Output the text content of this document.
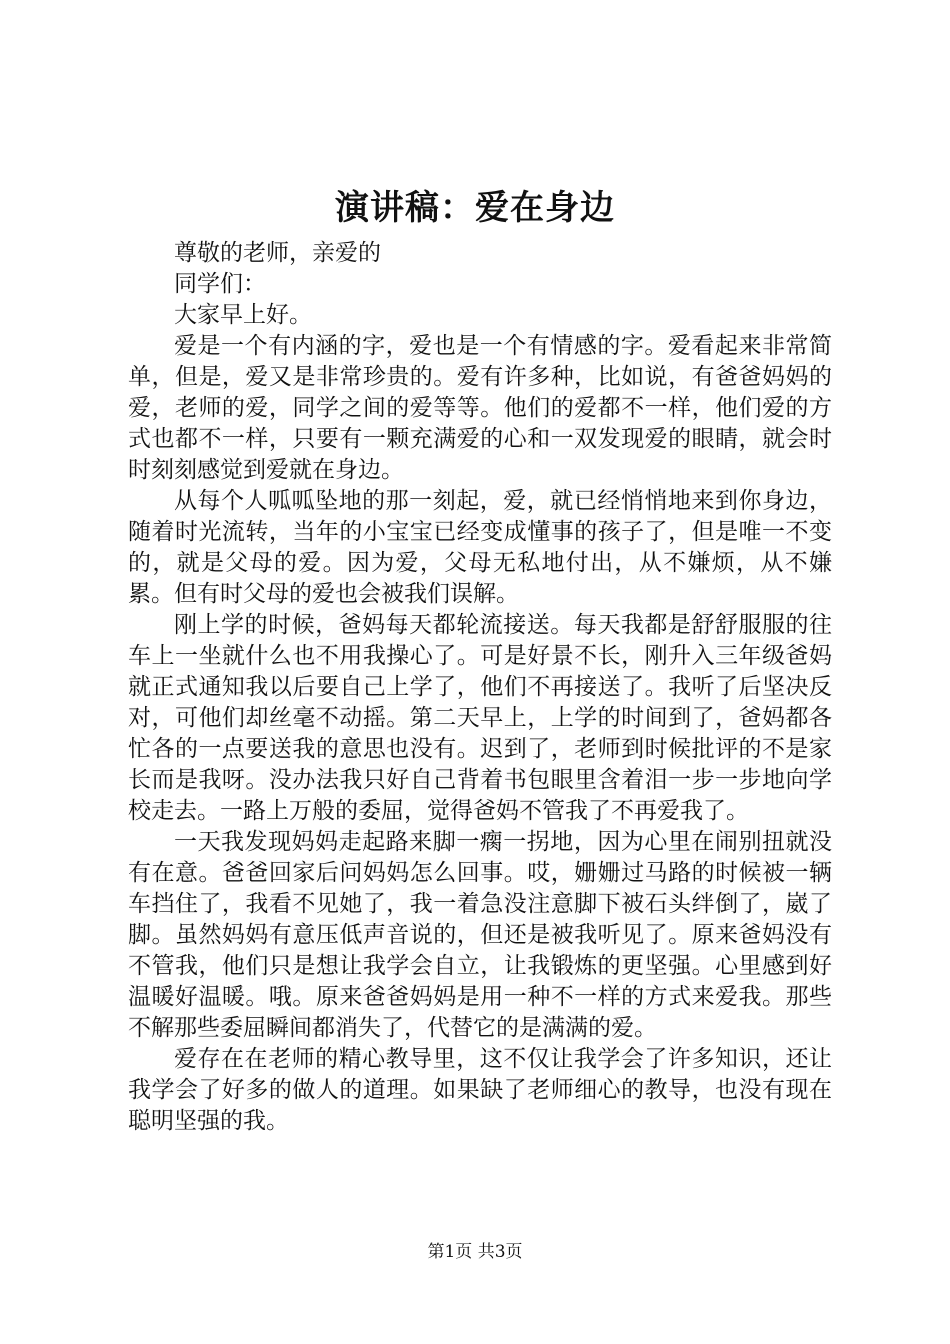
演讲稿：爱在身边

尊敬的老师，亲爱的

同学们：

大家早上好。

爱是一个有内涵的字，爱也是一个有情感的字。爱看起来非常简单，但是，爱又是非常珍贵的。爱有许多种，比如说，有爸爸妈妈的爱，老师的爱，同学之间的爱等等。他们的爱都不一样，他们爱的方式也都不一样，只要有一颗充满爱的心和一双发现爱的眼睛，就会时时刻刻感觉到爱就在身边。

从每个人呱呱坠地的那一刻起，爱，就已经悄悄地来到你身边，随着时光流转，当年的小宝宝已经变成懂事的孩子了，但是唯一不变的，就是父母的爱。因为爱，父母无私地付出，从不嫌烦，从不嫌累。但有时父母的爱也会被我们误解。

刚上学的时候，爸妈每天都轮流接送。每天我都是舒舒服服的往车上一坐就什么也不用我操心了。可是好景不长，刚升入三年级爸妈就正式通知我以后要自己上学了，他们不再接送了。我听了后坚决反对，可他们却丝毫不动摇。第二天早上，上学的时间到了，爸妈都各忙各的一点要送我的意思也没有。迟到了，老师到时候批评的不是家长而是我呀。没办法我只好自己背着书包眼里含着泪一步一步地向学校走去。一路上万般的委屈，觉得爸妈不管我了不再爱我了。

一天我发现妈妈走起路来脚一瘸一拐地，因为心里在闹别扭就没有在意。爸爸回家后问妈妈怎么回事。哎，姗姗过马路的时候被一辆车挡住了，我看不见她了，我一着急没注意脚下被石头绊倒了，崴了脚。虽然妈妈有意压低声音说的，但还是被我听见了。原来爸妈没有不管我，他们只是想让我学会自立，让我锻炼的更坚强。心里感到好温暖好温暖。哦。原来爸爸妈妈是用一种不一样的方式来爱我。那些不解那些委屈瞬间都消失了，代替它的是满满的爱。

爱存在在老师的精心教导里，这不仅让我学会了许多知识，还让我学会了好多的做人的道理。如果缺了老师细心的教导，也没有现在聪明坚强的我。

第1页 共3页
